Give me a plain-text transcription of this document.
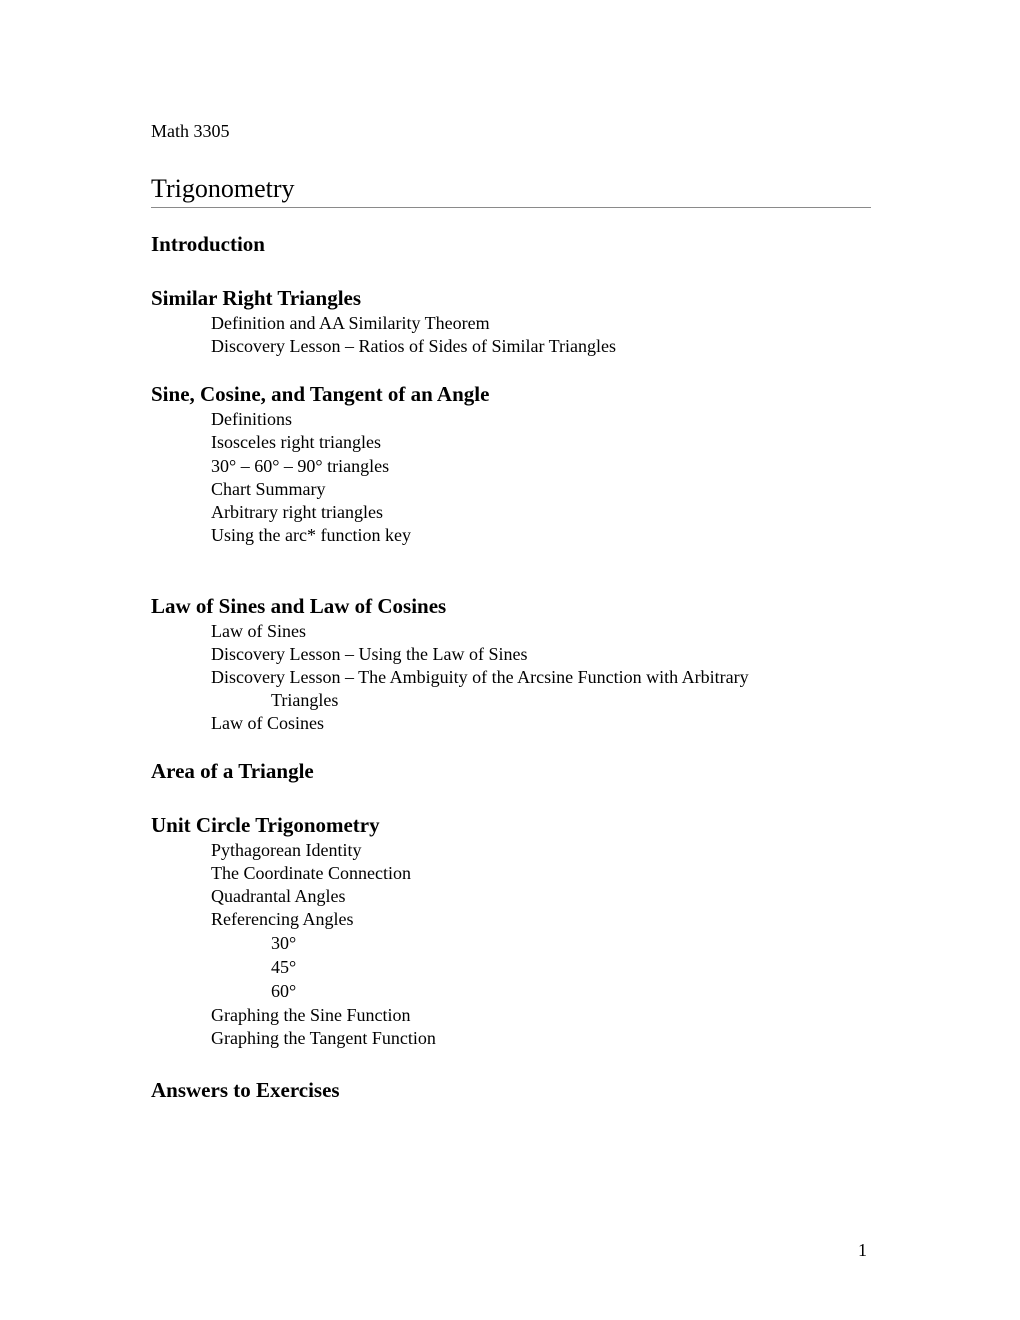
Math 3305
Trigonometry
Introduction
Similar Right Triangles
Definition and AA Similarity Theorem
Discovery Lesson – Ratios of Sides of Similar Triangles
Sine, Cosine, and Tangent of an Angle
Definitions
Isosceles right triangles
30° – 60° – 90° triangles
Chart Summary
Arbitrary right triangles
Using the arc* function key
Law of Sines and Law of Cosines
Law of Sines
Discovery Lesson – Using the Law of Sines
Discovery Lesson – The Ambiguity of the Arcsine Function with Arbitrary
Triangles
Law of Cosines
Area of a Triangle
Unit Circle Trigonometry
Pythagorean Identity
The Coordinate Connection
Quadrantal Angles
Referencing Angles
30°
45°
60°
Graphing the Sine Function
Graphing the Tangent Function
Answers to Exercises
1
